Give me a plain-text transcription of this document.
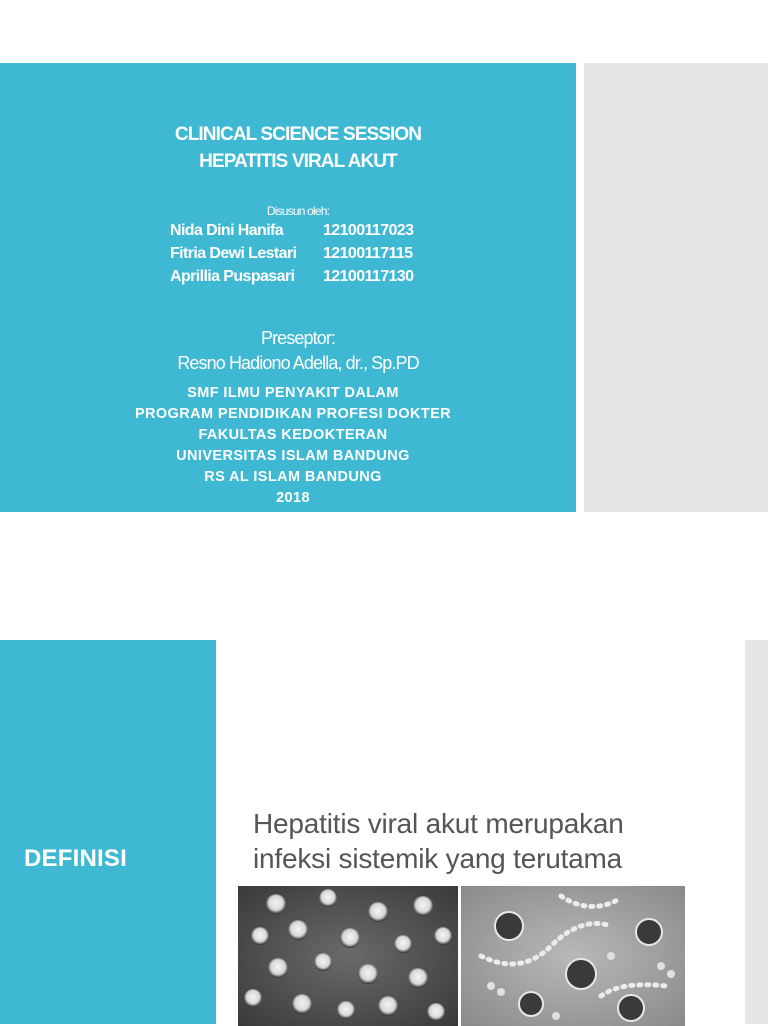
CLINICAL SCIENCE SESSION
HEPATITIS VIRAL AKUT
Disusun oleh:
Nida Dini Hanifa 12100117023
Fitria Dewi Lestari 12100117115
Aprillia Puspasari 12100117130
Preseptor:
Resno Hadiono Adella, dr., Sp.PD
SMF ILMU PENYAKIT DALAM
PROGRAM PENDIDIKAN PROFESI DOKTER
FAKULTAS KEDOKTERAN
UNIVERSITAS ISLAM BANDUNG
RS AL ISLAM BANDUNG
2018
DEFINISI
Hepatitis viral akut merupakan
infeksi sistemik yang terutama
